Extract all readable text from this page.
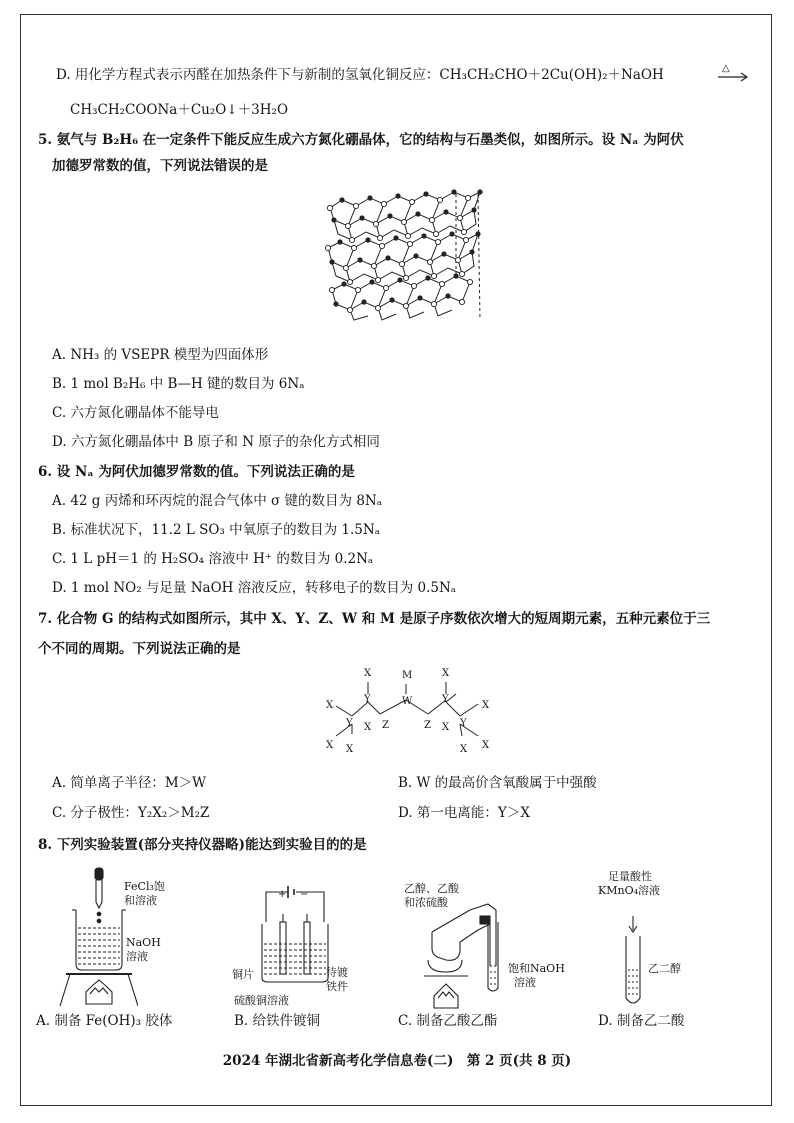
D. 用化学方程式表示丙醛在加热条件下与新制的氢氧化铜反应：CH₃CH₂CHO＋2Cu(OH)₂＋NaOH	△
CH₃CH₂COONa＋Cu₂O↓＋3H₂O
5. 氨气与 B₂H₆ 在一定条件下能反应生成六方氮化硼晶体，它的结构与石墨类似，如图所示。设 Nₐ 为阿伏
加德罗常数的值，下列说法错误的是
A. NH₃ 的 VSEPR 模型为四面体形
B. 1 mol B₂H₆ 中 B—H 键的数目为 6Nₐ
C. 六方氮化硼晶体不能导电
D. 六方氮化硼晶体中 B 原子和 N 原子的杂化方式相同
6. 设 Nₐ 为阿伏加德罗常数的值。下列说法正确的是
A. 42 g 丙烯和环丙烷的混合气体中 σ 键的数目为 8Nₐ
B. 标准状况下，11.2 L SO₃ 中氧原子的数目为 1.5Nₐ
C. 1 L pH＝1 的 H₂SO₄ 溶液中 H⁺ 的数目为 0.2Nₐ
D. 1 mol NO₂ 与足量 NaOH 溶液反应，转移电子的数目为 0.5Nₐ
7. 化合物 G 的结构式如图所示，其中 X、Y、Z、W 和 M 是原子序数依次增大的短周期元素，五种元素位于三
个不同的周期。下列说法正确的是
X	M	X
Y	W	Y
X	X
Y X Z	Z X Y
X X	X X
A. 简单离子半径：M＞W	B. W 的最高价含氧酸属于中强酸
C. 分子极性：Y₂X₂＞M₂Z	D. 第一电离能：Y＞X
8. 下列实验装置(部分夹持仪器略)能达到实验目的的是
FeCl₃饱
和溶液
NaOH
溶液
A. 制备 Fe(OH)₃ 胶体
+ −
铜片	待镀
铁件
硫酸铜溶液
B. 给铁件镀铜
乙醇、乙酸
和浓硫酸
饱和NaOH
溶液
C. 制备乙酸乙酯
足量酸性
KMnO₄溶液
乙二醇
D. 制备乙二酸
2024 年湖北省新高考化学信息卷(二)　第 2 页(共 8 页)
